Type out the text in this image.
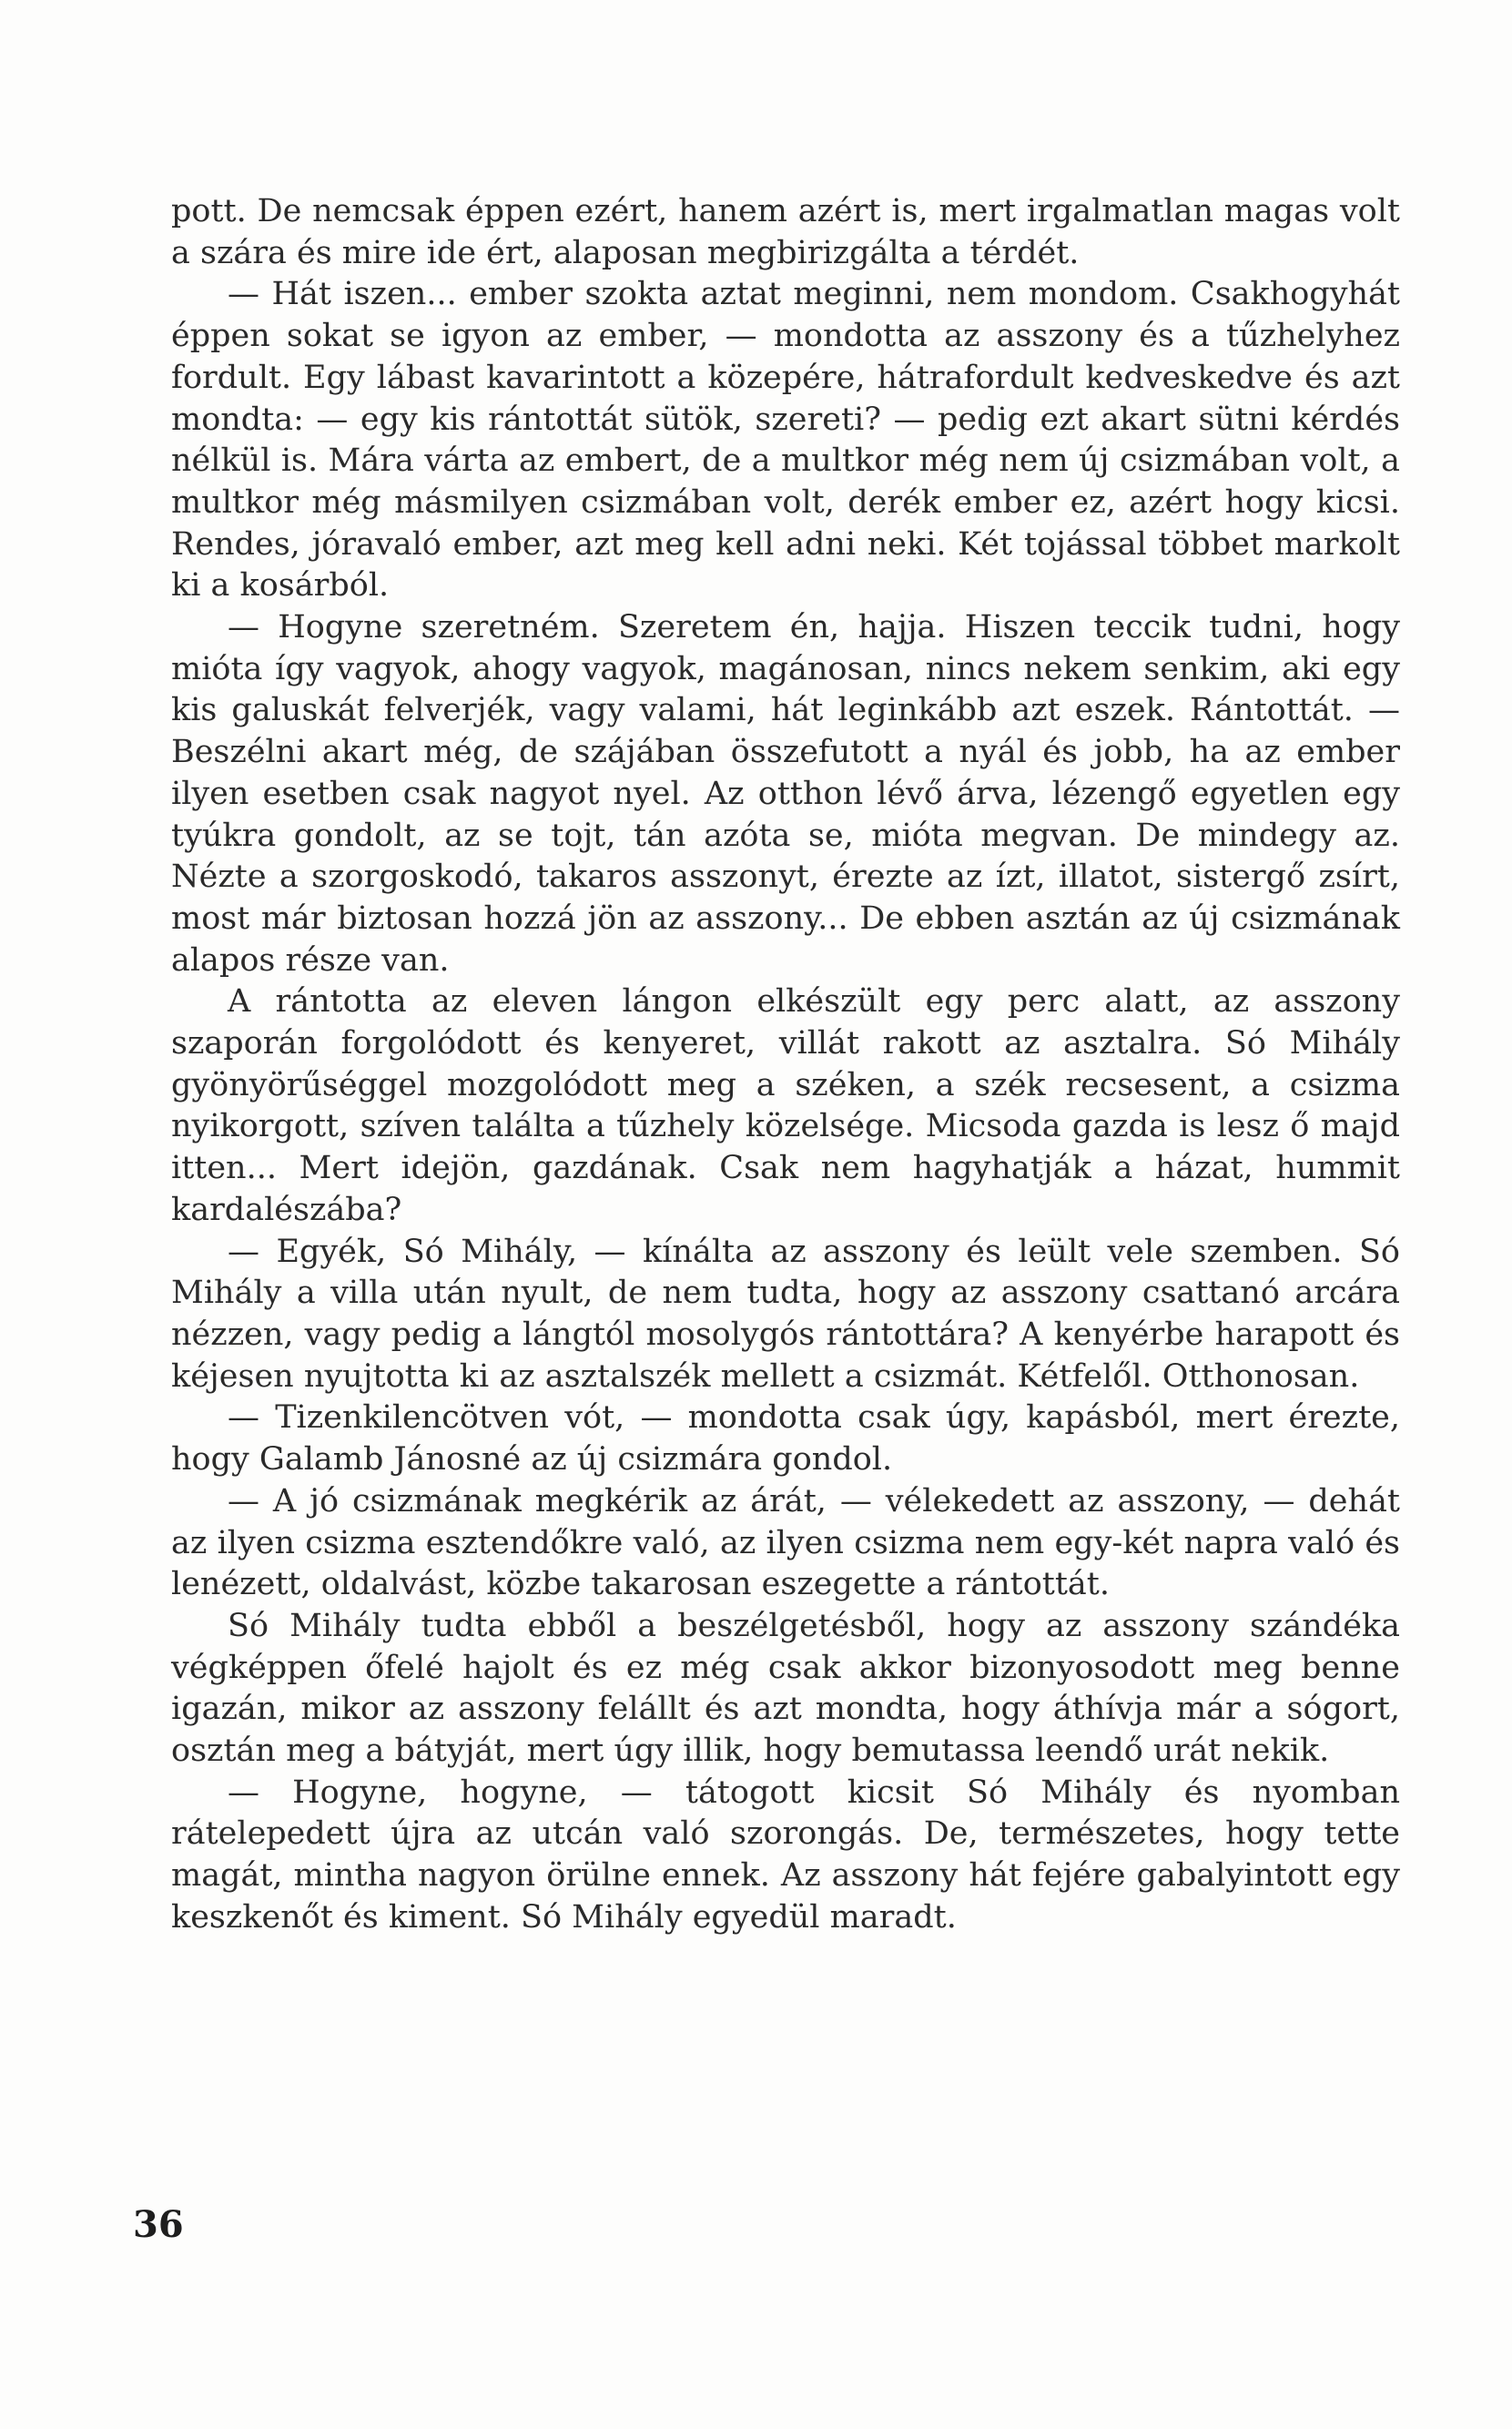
pott. De nemcsak éppen ezért, hanem azért is, mert irgalmatlan magas volt a szára és mire ide ért, alaposan megbirizgálta a térdét.

— Hát iszen... ember szokta aztat meginni, nem mondom. Csakhogyhát éppen sokat se igyon az ember, — mondotta az asszony és a tűzhelyhez fordult. Egy lábast kavarintott a közepére, hátrafordult kedveskedve és azt mondta: — egy kis rántottát sütök, szereti? — pedig ezt akart sütni kérdés nélkül is. Mára várta az embert, de a multkor még nem új csizmában volt, a multkor még másmilyen csizmában volt, derék ember ez, azért hogy kicsi. Rendes, jóravaló ember, azt meg kell adni neki. Két tojással többet markolt ki a kosárból.

— Hogyne szeretném. Szeretem én, hajja. Hiszen teccik tudni, hogy mióta így vagyok, ahogy vagyok, magánosan, nincs nekem senkim, aki egy kis galuskát felverjék, vagy valami, hát leginkább azt eszek. Rántottát. — Beszélni akart még, de szájában összefutott a nyál és jobb, ha az ember ilyen esetben csak nagyot nyel. Az otthon lévő árva, lézengő egyetlen egy tyúkra gondolt, az se tojt, tán azóta se, mióta megvan. De mindegy az. Nézte a szorgoskodó, takaros asszonyt, érezte az ízt, illatot, sistergő zsírt, most már biztosan hozzá jön az asszony... De ebben asztán az új csizmának alapos része van.

A rántotta az eleven lángon elkészült egy perc alatt, az asszony szaporán forgolódott és kenyeret, villát rakott az asztalra. Só Mihály gyönyörűséggel mozgolódott meg a széken, a szék recsesent, a csizma nyikorgott, szíven találta a tűzhely közelsége. Micsoda gazda is lesz ő majd itten... Mert idejön, gazdának. Csak nem hagyhatják a házat, hummit kardalészába?

— Egyék, Só Mihály, — kínálta az asszony és leült vele szemben. Só Mihály a villa után nyult, de nem tudta, hogy az asszony csattanó arcára nézzen, vagy pedig a lángtól mosolygós rántottára? A kenyérbe harapott és kéjesen nyujtotta ki az asztalszék mellett a csizmát. Kétfelől. Otthonosan.

— Tizenkilencötven vót, — mondotta csak úgy, kapásból, mert érezte, hogy Galamb Jánosné az új csizmára gondol.

— A jó csizmának megkérik az árát, — vélekedett az asszony, — dehát az ilyen csizma esztendőkre való, az ilyen csizma nem egy-két napra való és lenézett, oldalvást, közbe takarosan eszegette a rántottát.

Só Mihály tudta ebből a beszélgetésből, hogy az asszony szándéka végképpen őfelé hajolt és ez még csak akkor bizonyosodott meg benne igazán, mikor az asszony felállt és azt mondta, hogy áthívja már a sógort, osztán meg a bátyját, mert úgy illik, hogy bemutassa leendő urát nekik.

— Hogyne, hogyne, — tátogott kicsit Só Mihály és nyomban rátelepedett újra az utcán való szorongás. De, természetes, hogy tette magát, mintha nagyon örülne ennek. Az asszony hát fejére gabalyintott egy keszkenőt és kiment. Só Mihály egyedül maradt.

36
